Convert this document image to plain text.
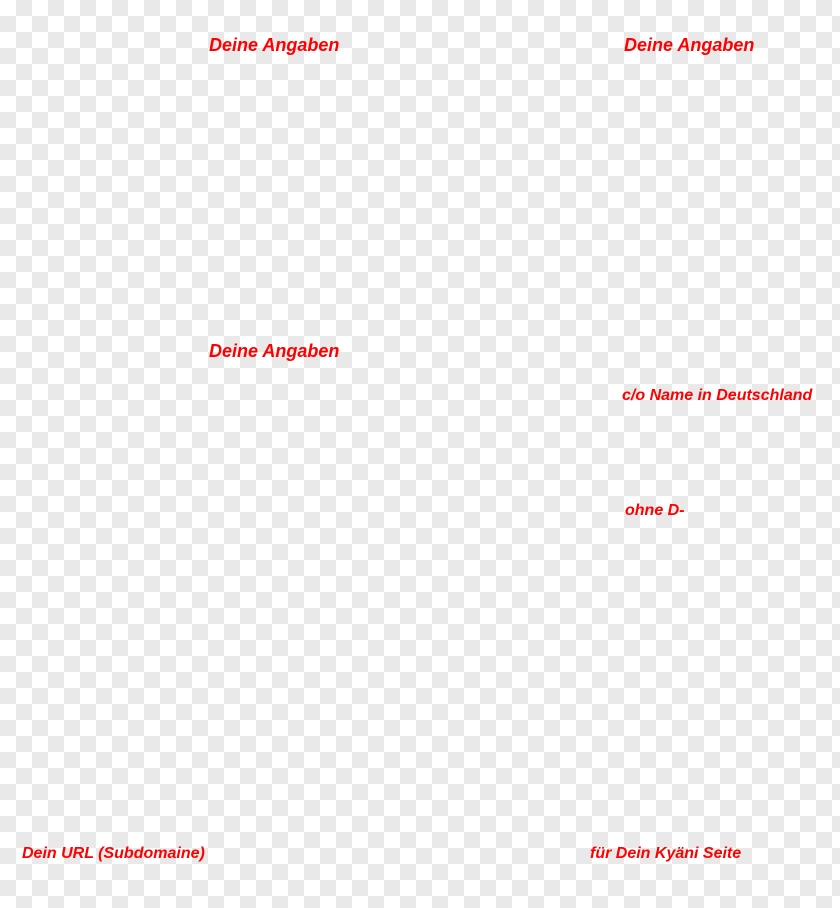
Deine Angaben	Deine Angaben
Deine Angaben
c/o Name in Deutschland
ohne D-
Dein URL (Subdomaine)	für Dein Kyäni Seite
